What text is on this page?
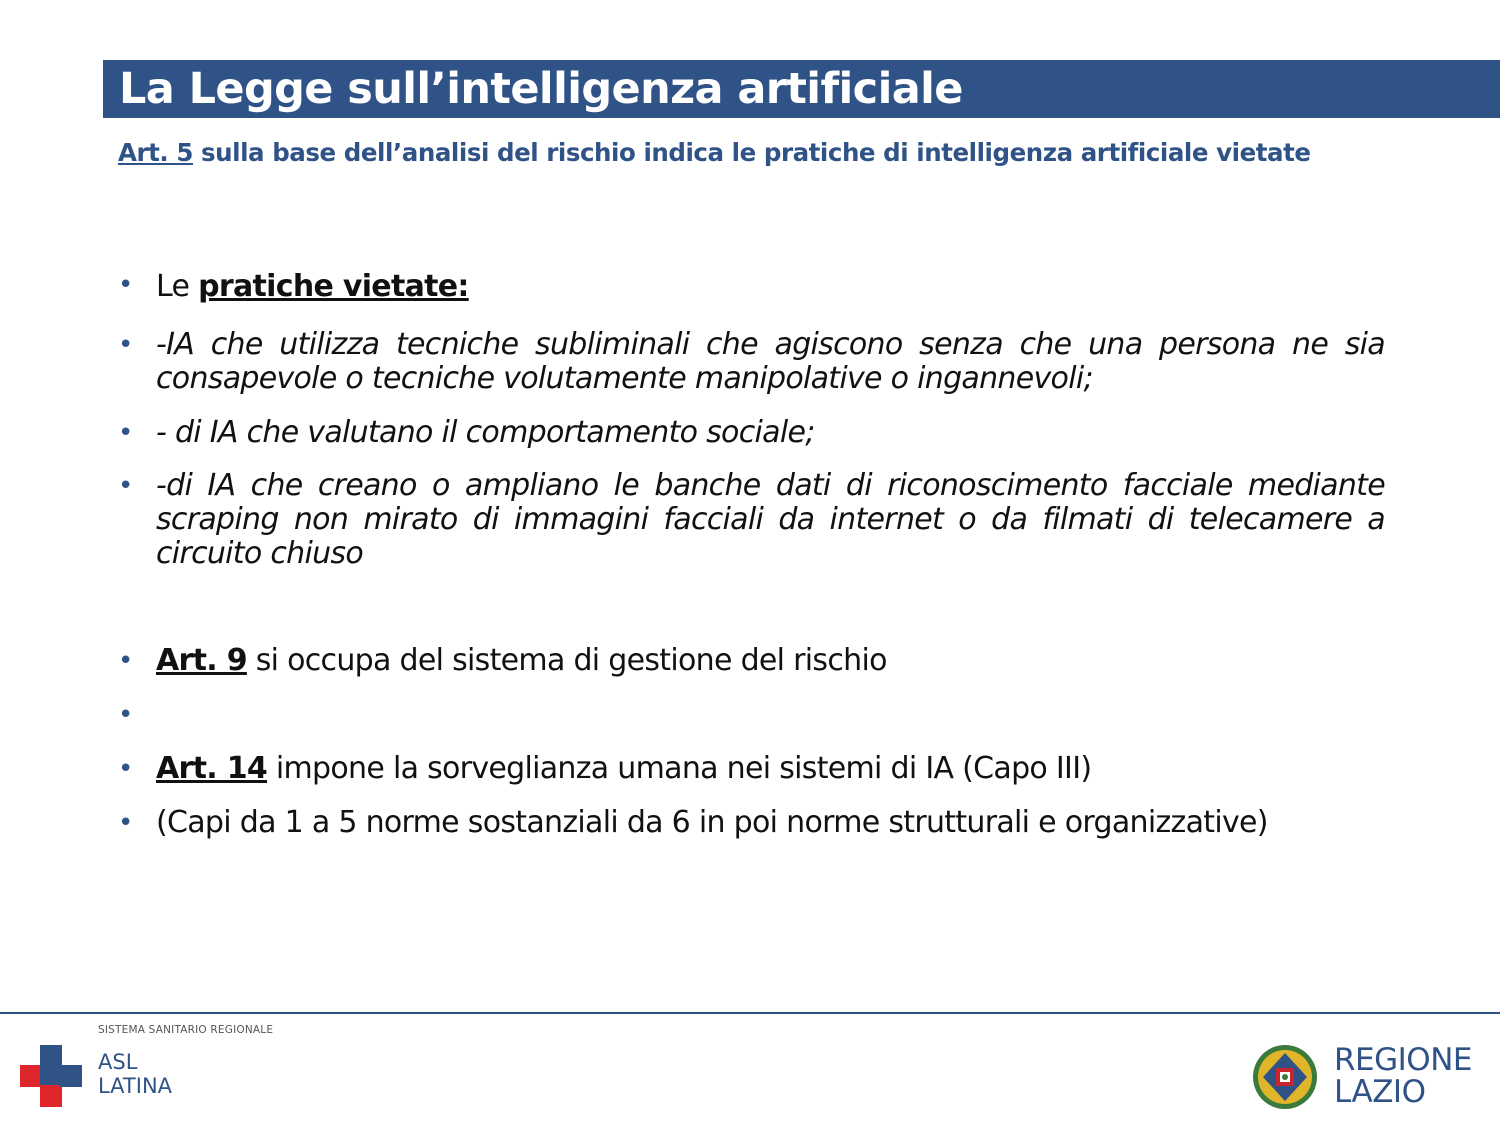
La Legge sull’intelligenza artificiale
Art. 5 sulla base dell’analisi del rischio indica le pratiche di intelligenza artificiale vietate
• Le pratiche vietate:
• -IA che utilizza tecniche subliminali che agiscono senza che una persona ne sia consapevole o tecniche volutamente manipolative o ingannevoli;
• - di IA che valutano il comportamento sociale;
• -di IA che creano o ampliano le banche dati di riconoscimento facciale mediante scraping non mirato di immagini facciali da internet o da filmati di telecamere a circuito chiuso
• Art. 9 si occupa del sistema di gestione del rischio
•
• Art. 14 impone la sorveglianza umana nei sistemi di IA (Capo III)
• (Capi da 1 a 5 norme sostanziali da 6 in poi norme strutturali e organizzative)
SISTEMA SANITARIO REGIONALE
ASL
LATINA
REGIONE
LAZIO
